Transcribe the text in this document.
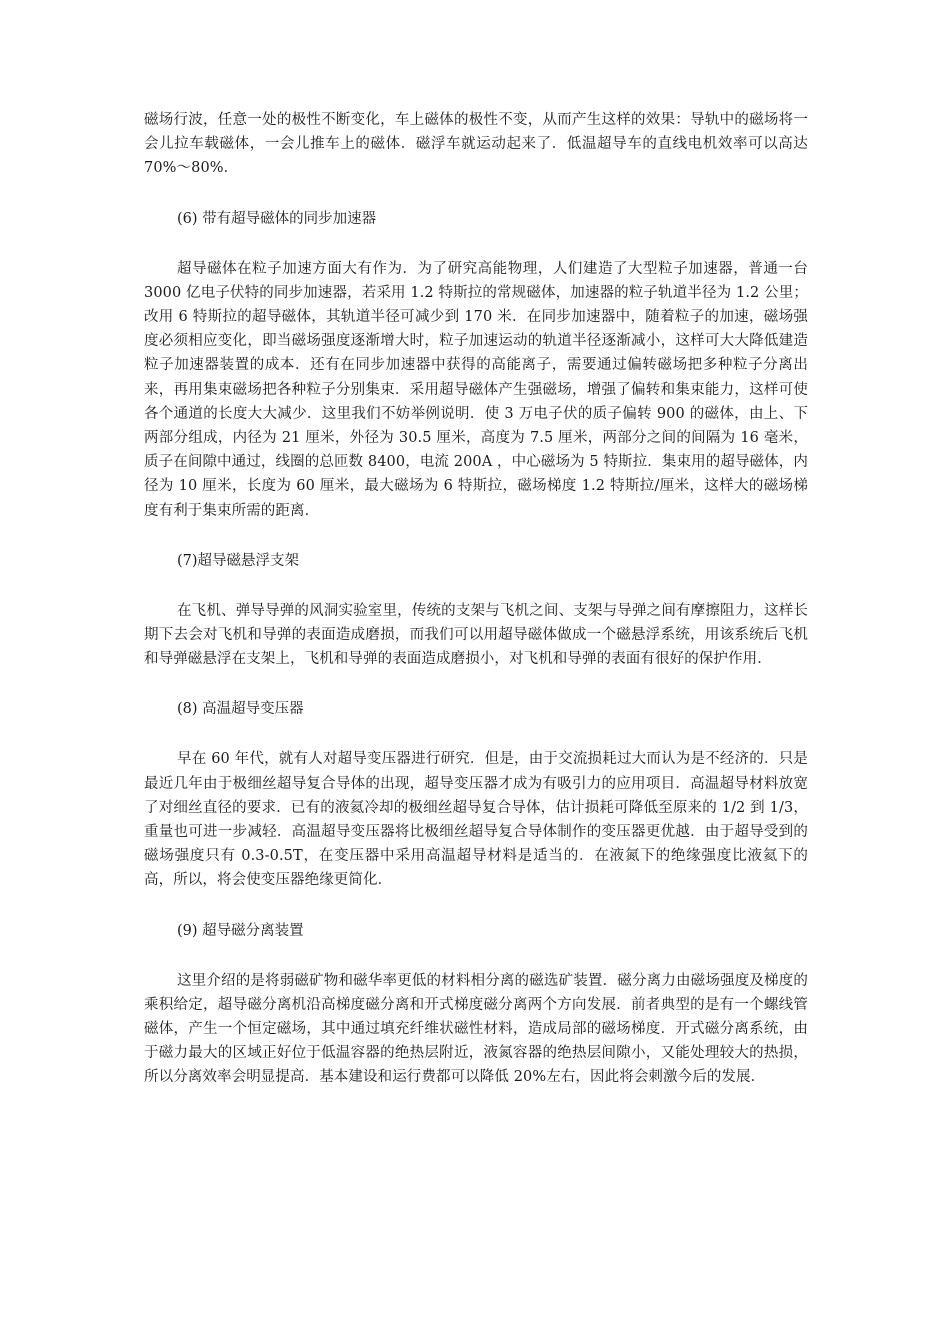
磁场行波，任意一处的极性不断变化，车上磁体的极性不变，从而产生这样的效果：导轨中的磁场将一会儿拉车载磁体，一会儿推车上的磁体．磁浮车就运动起来了．低温超导车的直线电机效率可以高达 70%～80%．

(6) 带有超导磁体的同步加速器

超导磁体在粒子加速方面大有作为．为了研究高能物理，人们建造了大型粒子加速器，普通一台 3000 亿电子伏特的同步加速器，若采用 1.2 特斯拉的常规磁体，加速器的粒子轨道半径为 1.2 公里；改用 6 特斯拉的超导磁体，其轨道半径可减少到 170 米．在同步加速器中，随着粒子的加速，磁场强度必须相应变化，即当磁场强度逐渐增大时，粒子加速运动的轨道半径逐渐减小，这样可大大降低建造粒子加速器装置的成本．还有在同步加速器中获得的高能离子，需要通过偏转磁场把多种粒子分离出来，再用集束磁场把各种粒子分别集束．采用超导磁体产生强磁场，增强了偏转和集束能力，这样可使各个通道的长度大大减少．这里我们不妨举例说明．使 3 万电子伏的质子偏转 900 的磁体，由上、下两部分组成，内径为 21 厘米，外径为 30.5 厘米，高度为 7.5 厘米，两部分之间的间隔为 16 毫米，质子在间隙中通过，线圈的总匝数 8400，电流 200A ，中心磁场为 5 特斯拉．集束用的超导磁体，内径为 10 厘米，长度为 60 厘米，最大磁场为 6 特斯拉，磁场梯度 1.2 特斯拉/厘米，这样大的磁场梯度有利于集束所需的距离．

(7)超导磁悬浮支架

在飞机、弹导导弹的风洞实验室里，传统的支架与飞机之间、支架与导弹之间有摩擦阻力，这样长期下去会对飞机和导弹的表面造成磨损，而我们可以用超导磁体做成一个磁悬浮系统，用该系统后飞机和导弹磁悬浮在支架上，飞机和导弹的表面造成磨损小，对飞机和导弹的表面有很好的保护作用．

(8) 高温超导变压器

早在 60 年代，就有人对超导变压器进行研究．但是，由于交流损耗过大而认为是不经济的．只是最近几年由于极细丝超导复合导体的出现，超导变压器才成为有吸引力的应用项目．高温超导材料放宽了对细丝直径的要求．已有的液氦冷却的极细丝超导复合导体，估计损耗可降低至原来的 1/2 到 1/3，重量也可进一步减轻．高温超导变压器将比极细丝超导复合导体制作的变压器更优越．由于超导受到的磁场强度只有 0.3-0.5T，在变压器中采用高温超导材料是适当的．在液氮下的绝缘强度比液氦下的高，所以，将会使变压器绝缘更简化．

(9) 超导磁分离装置

这里介绍的是将弱磁矿物和磁华率更低的材料相分离的磁选矿装置．磁分离力由磁场强度及梯度的乘积给定，超导磁分离机沿高梯度磁分离和开式梯度磁分离两个方向发展．前者典型的是有一个螺线管磁体，产生一个恒定磁场，其中通过填充纤维状磁性材料，造成局部的磁场梯度．开式磁分离系统，由于磁力最大的区域正好位于低温容器的绝热层附近，液氮容器的绝热层间隙小，又能处理较大的热损，所以分离效率会明显提高．基本建设和运行费都可以降低 20%左右，因此将会刺激今后的发展．
